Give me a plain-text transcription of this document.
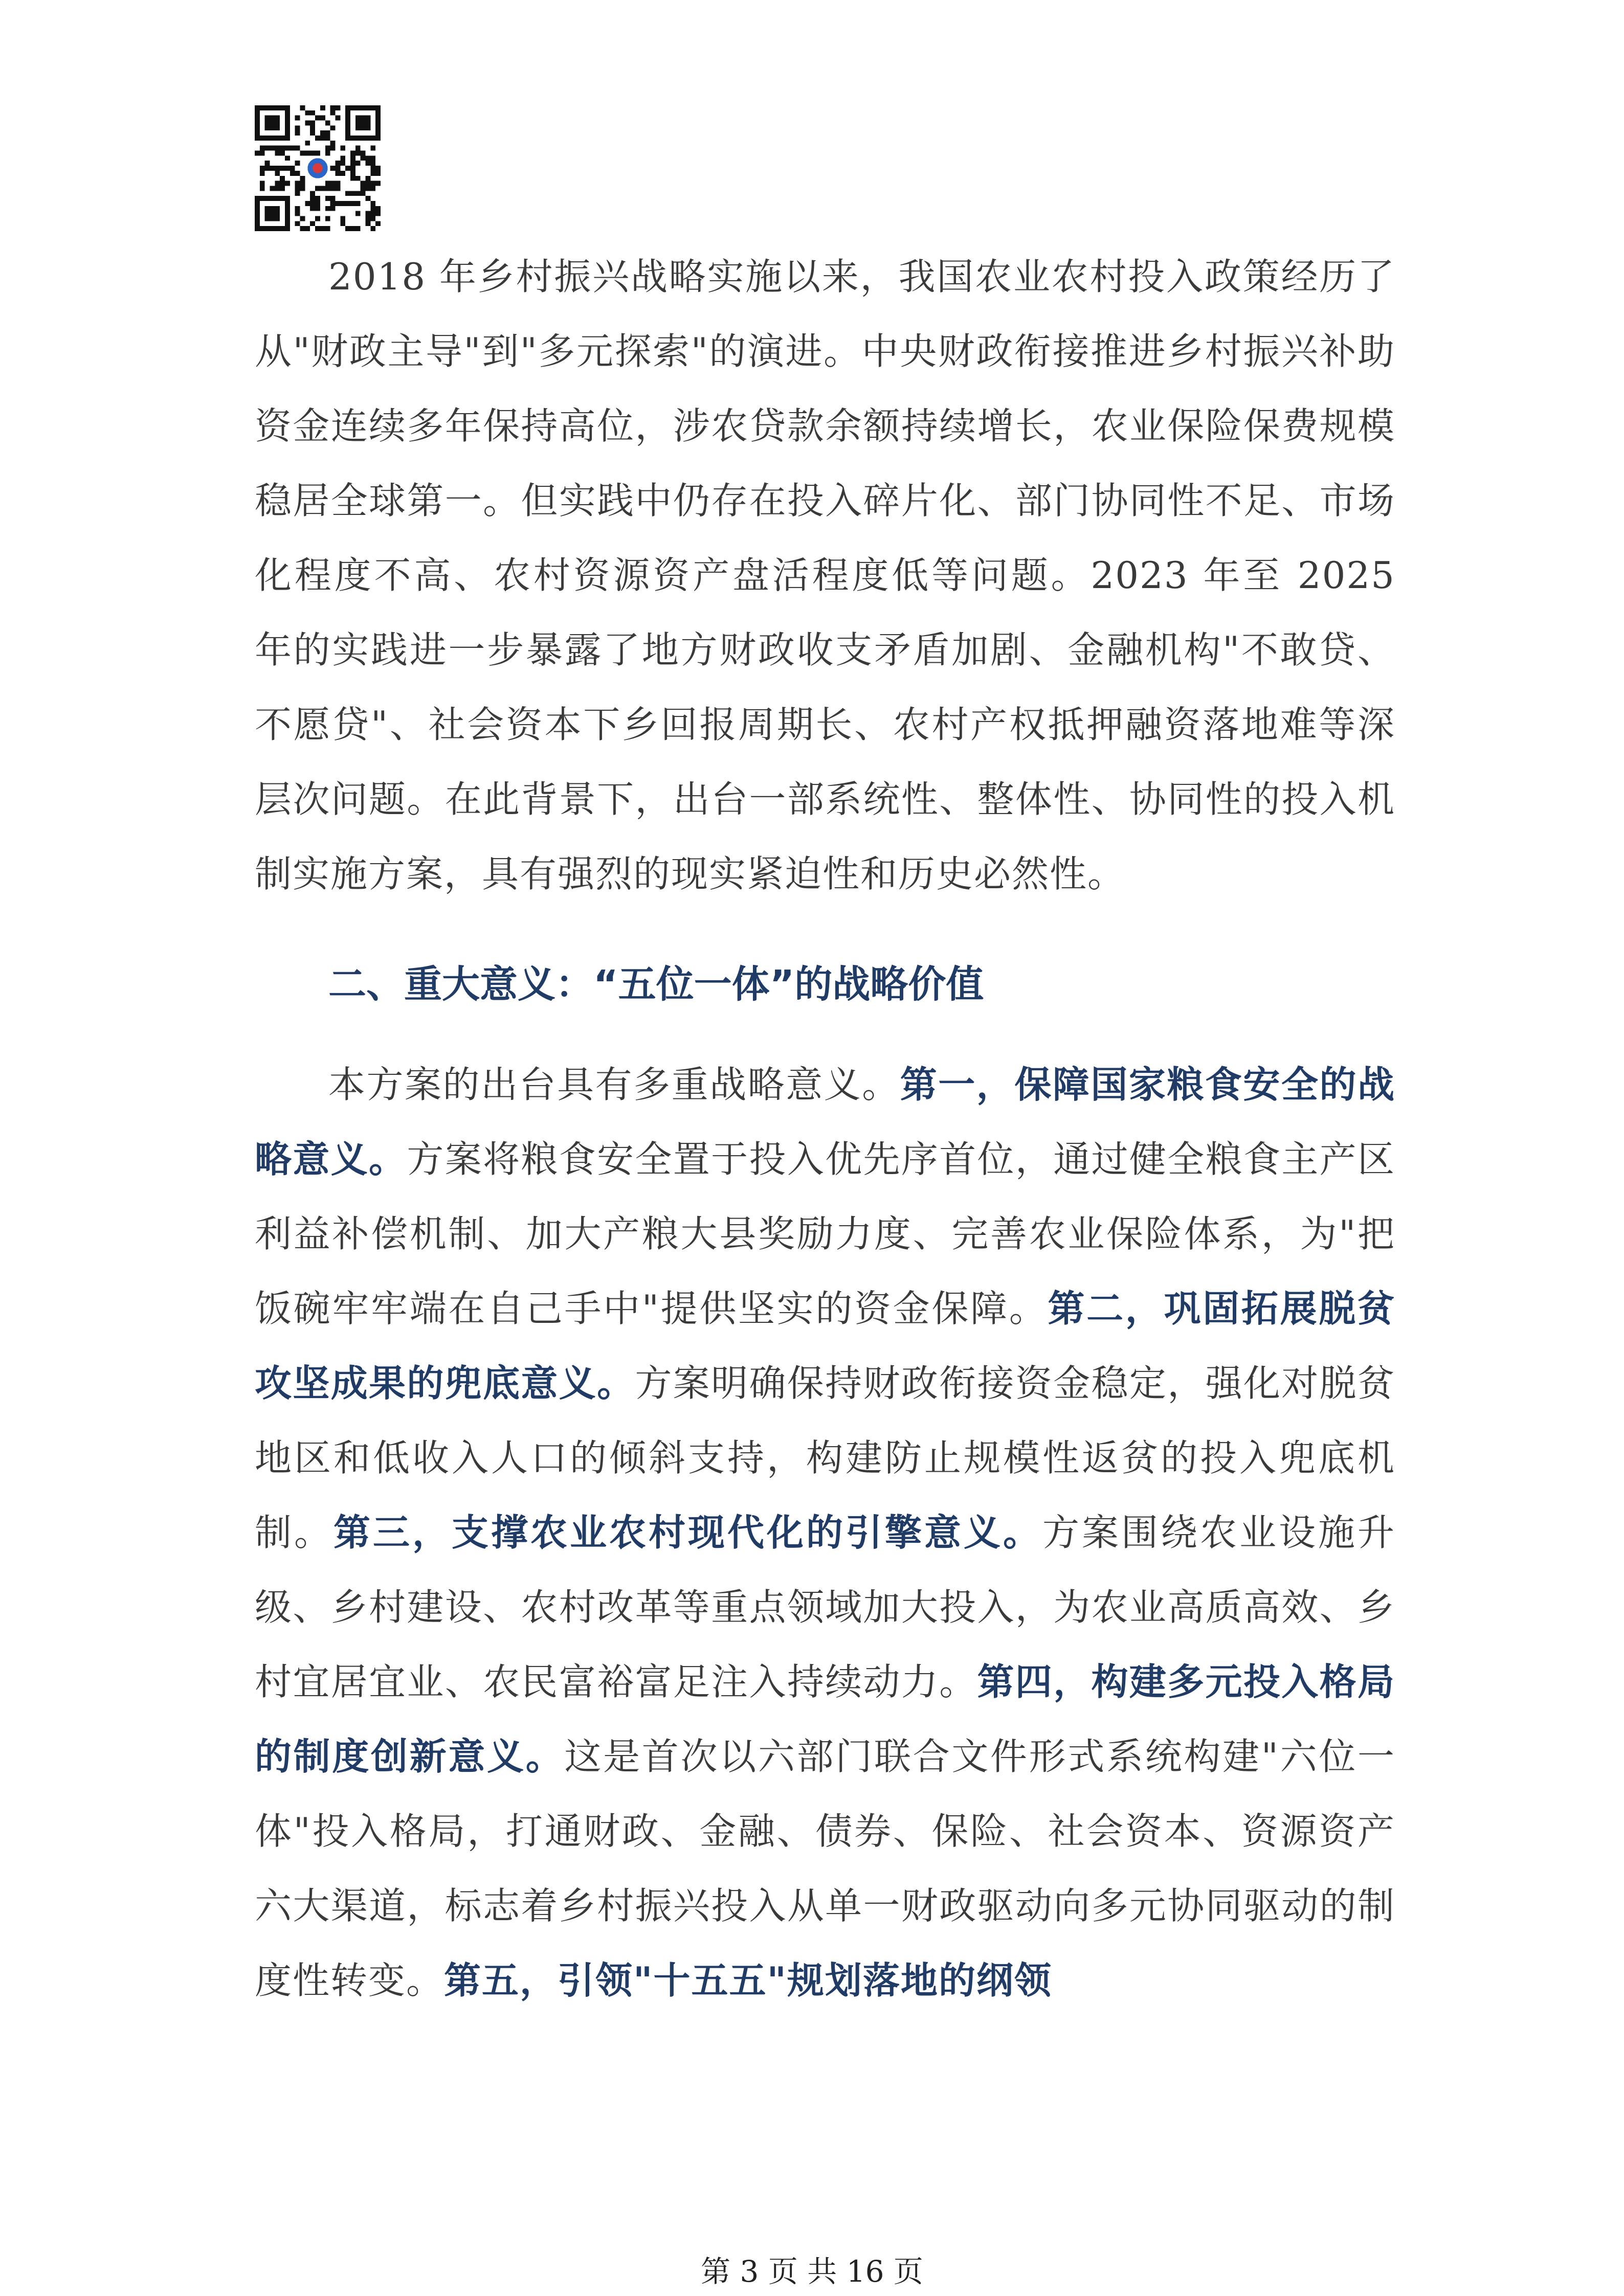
2018 年乡村振兴战略实施以来，我国农业农村投入政策经历了从"财政主导"到"多元探索"的演进。中央财政衔接推进乡村振兴补助资金连续多年保持高位，涉农贷款余额持续增长，农业保险保费规模稳居全球第一。但实践中仍存在投入碎片化、部门协同性不足、市场化程度不高、农村资源资产盘活程度低等问题。2023 年至 2025 年的实践进一步暴露了地方财政收支矛盾加剧、金融机构"不敢贷、不愿贷"、社会资本下乡回报周期长、农村产权抵押融资落地难等深层次问题。在此背景下，出台一部系统性、整体性、协同性的投入机制实施方案，具有强烈的现实紧迫性和历史必然性。

二、重大意义：“五位一体”的战略价值

本方案的出台具有多重战略意义。第一，保障国家粮食安全的战略意义。方案将粮食安全置于投入优先序首位，通过健全粮食主产区利益补偿机制、加大产粮大县奖励力度、完善农业保险体系，为"把饭碗牢牢端在自己手中"提供坚实的资金保障。第二，巩固拓展脱贫攻坚成果的兜底意义。方案明确保持财政衔接资金稳定，强化对脱贫地区和低收入人口的倾斜支持，构建防止规模性返贫的投入兜底机制。第三，支撑农业农村现代化的引擎意义。方案围绕农业设施升级、乡村建设、农村改革等重点领域加大投入，为农业高质高效、乡村宜居宜业、农民富裕富足注入持续动力。第四，构建多元投入格局的制度创新意义。这是首次以六部门联合文件形式系统构建"六位一体"投入格局，打通财政、金融、债券、保险、社会资本、资源资产六大渠道，标志着乡村振兴投入从单一财政驱动向多元协同驱动的制度性转变。第五，引领"十五五"规划落地的纲领

第 3 页 共 16 页
